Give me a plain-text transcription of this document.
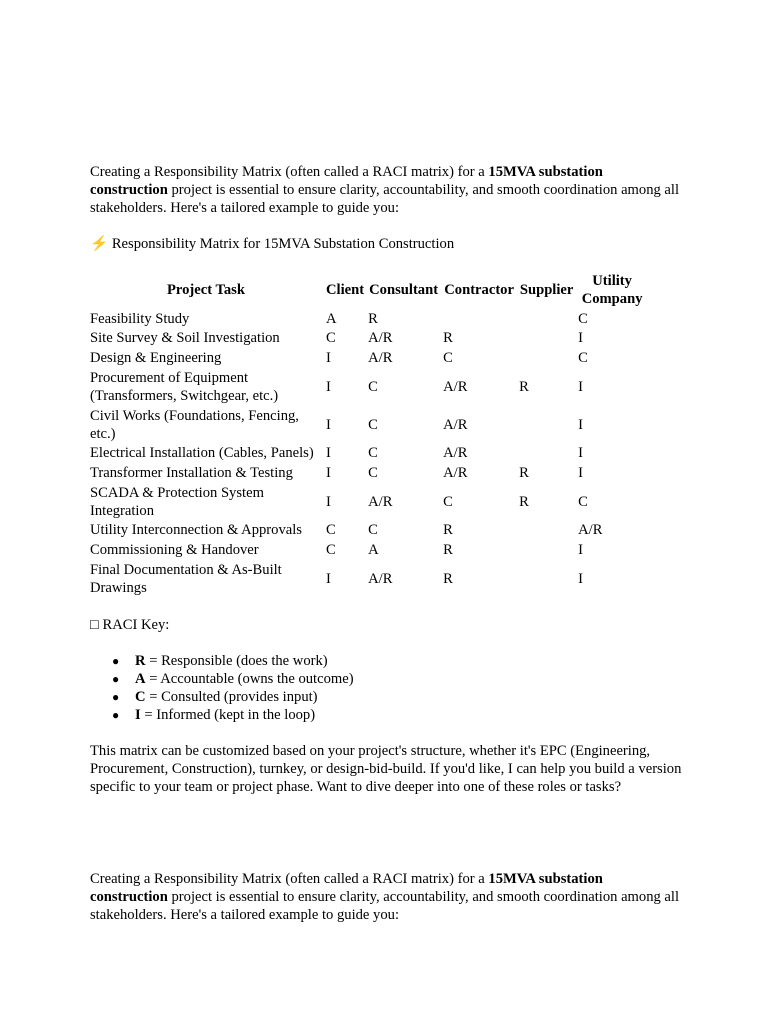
Creating a Responsibility Matrix (often called a RACI matrix) for a 15MVA substation construction project is essential to ensure clarity, accountability, and smooth coordination among all stakeholders. Here's a tailored example to guide you:

⚡ Responsibility Matrix for 15MVA Substation Construction

Project Task	Client	Consultant	Contractor	Supplier	Utility Company
Feasibility Study	A	R			C
Site Survey & Soil Investigation	C	A/R	R		I
Design & Engineering	I	A/R	C		C
Procurement of Equipment (Transformers, Switchgear, etc.)	I	C	A/R	R	I
Civil Works (Foundations, Fencing, etc.)	I	C	A/R		I
Electrical Installation (Cables, Panels)	I	C	A/R		I
Transformer Installation & Testing	I	C	A/R	R	I
SCADA & Protection System Integration	I	A/R	C	R	C
Utility Interconnection & Approvals	C	C	R		A/R
Commissioning & Handover	C	A	R		I
Final Documentation & As-Built Drawings	I	A/R	R		I

□ RACI Key:

● R = Responsible (does the work)
● A = Accountable (owns the outcome)
● C = Consulted (provides input)
● I = Informed (kept in the loop)

This matrix can be customized based on your project's structure, whether it's EPC (Engineering, Procurement, Construction), turnkey, or design-bid-build. If you'd like, I can help you build a version specific to your team or project phase. Want to dive deeper into one of these roles or tasks?

Creating a Responsibility Matrix (often called a RACI matrix) for a 15MVA substation construction project is essential to ensure clarity, accountability, and smooth coordination among all stakeholders. Here's a tailored example to guide you:
